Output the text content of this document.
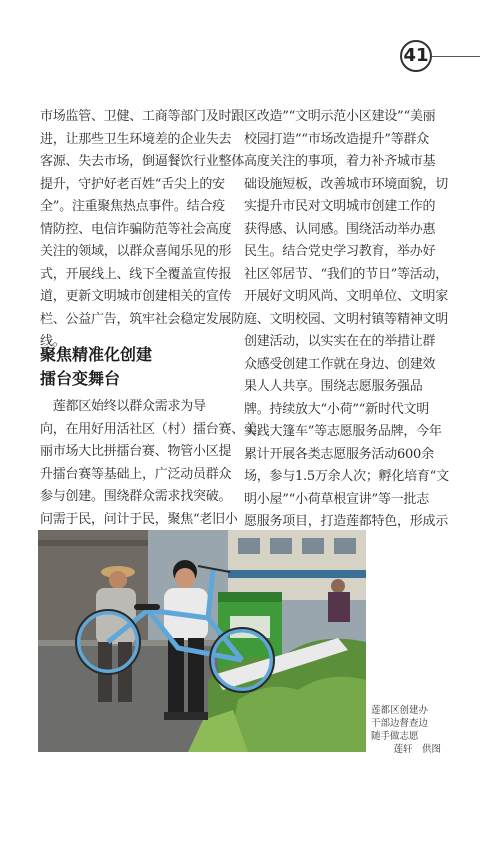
41
市场监管、卫健、工商等部门及时跟
进，让那些卫生环境差的企业失去
客源、失去市场，倒逼餐饮行业整体
提升，守护好老百姓“舌尖上的安
全”。注重聚焦热点事件。结合疫
情防控、电信诈骗防范等社会高度
关注的领域，以群众喜闻乐见的形
式，开展线上、线下全覆盖宣传报
道，更新文明城市创建相关的宣传
栏、公益广告，筑牢社会稳定发展防
线。
聚焦精准化创建
擂台变舞台
　莲都区始终以群众需求为导
向，在用好用活社区（村）擂台赛、美
丽市场大比拼擂台赛、物管小区提
升擂台赛等基础上，广泛动员群众
参与创建。围绕群众需求找突破。
问需于民，问计于民，聚焦“老旧小
区改造”“文明示范小区建设”“美丽
校园打造”“市场改造提升”等群众
高度关注的事项，着力补齐城市基
础设施短板，改善城市环境面貌，切
实提升市民对文明城市创建工作的
获得感、认同感。围绕活动举办惠
民生。结合党史学习教育，举办好
社区邻居节、“我们的节日”等活动，
开展好文明风尚、文明单位、文明家
庭、文明校园、文明村镇等精神文明
创建活动，以实实在在的举措让群
众感受创建工作就在身边、创建效
果人人共享。围绕志愿服务强品
牌。持续放大“小荷”“新时代文明
实践大篷车”等志愿服务品牌，今年
累计开展各类志愿服务活动600余
场，参与1.5万余人次；孵化培育“文
明小屋”“小荷草根宣讲”等一批志
愿服务项目，打造莲都特色，形成示
莲都区创建办
干部边督查边
随手做志愿
莲轩　供图
